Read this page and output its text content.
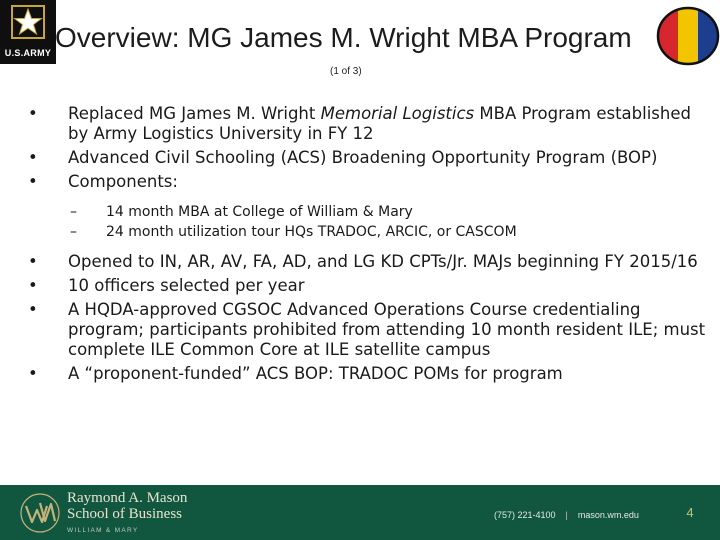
U.S.ARMY Overview: MG James M. Wright MBA Program
(1 of 3)
•	Replaced MG James M. Wright Memorial Logistics MBA Program established by Army Logistics University in FY 12
•	Advanced Civil Schooling (ACS) Broadening Opportunity Program (BOP)
•	Components:
– 14 month MBA at College of William & Mary
– 24 month utilization tour HQs TRADOC, ARCIC, or CASCOM
•	Opened to IN, AR, AV, FA, AD, and LG KD CPTs/Jr. MAJs beginning FY 2015/16
•	10 officers selected per year
•	A HQDA-approved CGSOC Advanced Operations Course credentialing program; participants prohibited from attending 10 month resident ILE; must complete ILE Common Core at ILE satellite campus
•	A “proponent-funded” ACS BOP: TRADOC POMs for program
Raymond A. Mason
School of Business
WILLIAM & MARY
(757) 221-4100 | mason.wm.edu	4
